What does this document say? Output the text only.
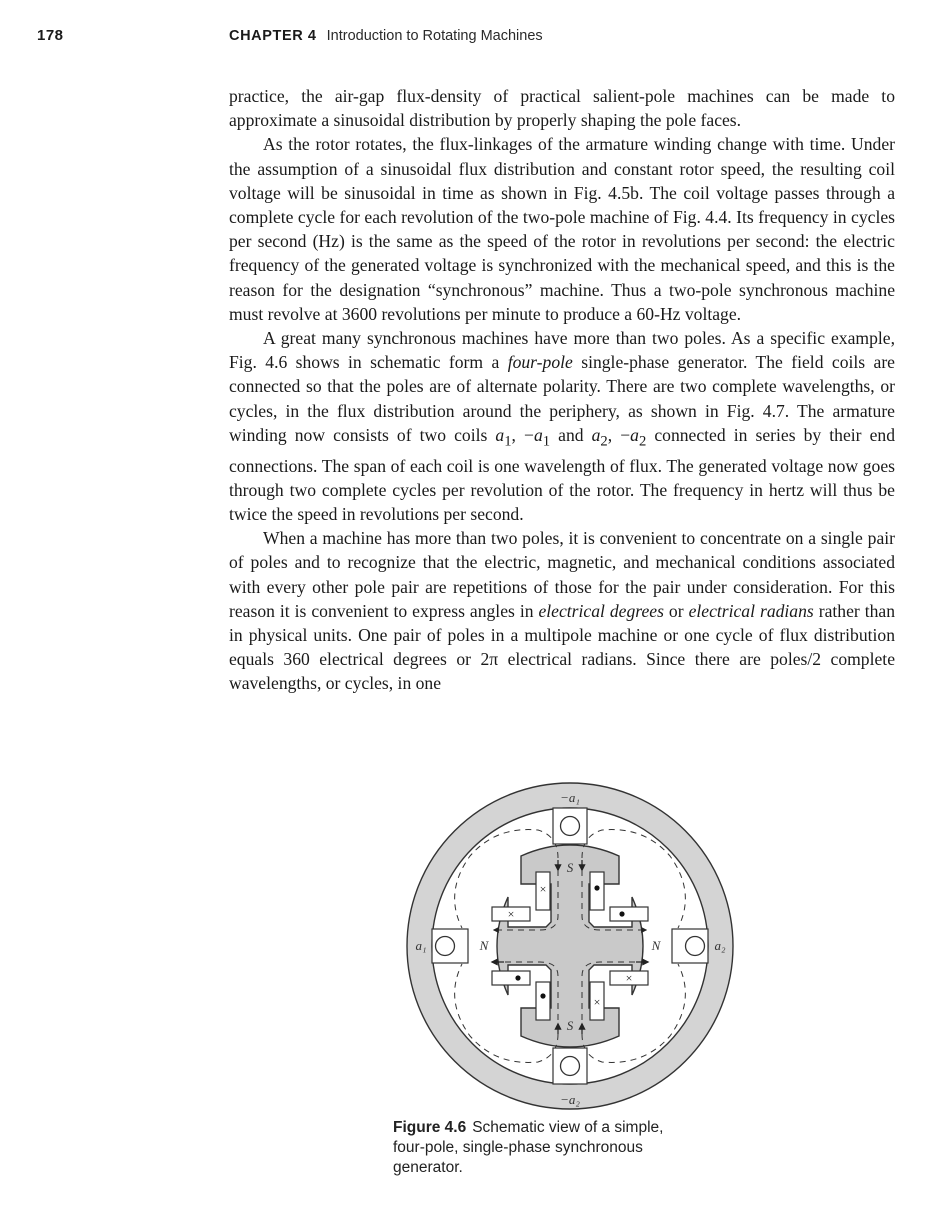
178	CHAPTER 4 Introduction to Rotating Machines

practice, the air-gap flux-density of practical salient-pole machines can be made to approximate a sinusoidal distribution by properly shaping the pole faces.

As the rotor rotates, the flux-linkages of the armature winding change with time. Under the assumption of a sinusoidal flux distribution and constant rotor speed, the resulting coil voltage will be sinusoidal in time as shown in Fig. 4.5b. The coil voltage passes through a complete cycle for each revolution of the two-pole machine of Fig. 4.4. Its frequency in cycles per second (Hz) is the same as the speed of the rotor in revolutions per second: the electric frequency of the generated voltage is synchronized with the mechanical speed, and this is the reason for the designation “synchronous” machine. Thus a two-pole synchronous machine must revolve at 3600 revolutions per minute to produce a 60-Hz voltage.

A great many synchronous machines have more than two poles. As a specific example, Fig. 4.6 shows in schematic form a four-pole single-phase generator. The field coils are connected so that the poles are of alternate polarity. There are two complete wavelengths, or cycles, in the flux distribution around the periphery, as shown in Fig. 4.7. The armature winding now consists of two coils $a_1$, $-a_1$ and $a_2$, $-a_2$ connected in series by their end connections. The span of each coil is one wavelength of flux. The generated voltage now goes through two complete cycles per revolution of the rotor. The frequency in hertz will thus be twice the speed in revolutions per second.

When a machine has more than two poles, it is convenient to concentrate on a single pair of poles and to recognize that the electric, magnetic, and mechanical conditions associated with every other pole pair are repetitions of those for the pair under consideration. For this reason it is convenient to express angles in electrical degrees or electrical radians rather than in physical units. One pair of poles in a multipole machine or one cycle of flux distribution equals 360 electrical degrees or 2π electrical radians. Since there are poles/2 complete wavelengths, or cycles, in one

×
×
×
×
−a₁
−a₂
a₁	a₂
S
S
N	N
Figure 4.6 Schematic view of a simple, four-pole, single-phase synchronous generator.
